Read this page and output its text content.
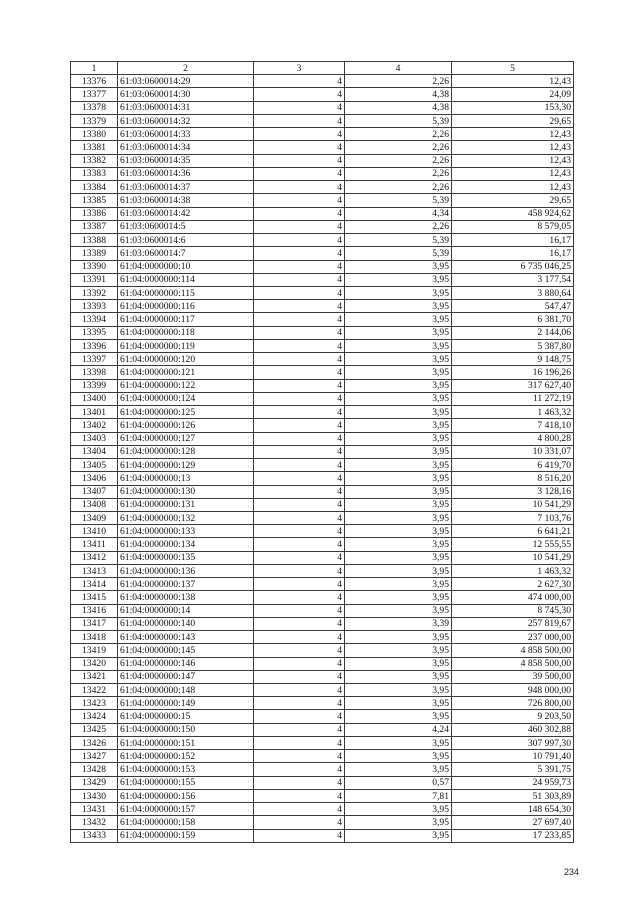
1	2	3	4	5
13376	61:03:0600014:29	4	2,26	12,43
13377	61:03:0600014:30	4	4,38	24,09
13378	61:03:0600014:31	4	4,38	153,30
13379	61:03:0600014:32	4	5,39	29,65
13380	61:03:0600014:33	4	2,26	12,43
13381	61:03:0600014:34	4	2,26	12,43
13382	61:03:0600014:35	4	2,26	12,43
13383	61:03:0600014:36	4	2,26	12,43
13384	61:03:0600014:37	4	2,26	12,43
13385	61:03:0600014:38	4	5,39	29,65
13386	61:03:0600014:42	4	4,34	458 924,62
13387	61:03:0600014:5	4	2,26	8 579,05
13388	61:03:0600014:6	4	5,39	16,17
13389	61:03:0600014:7	4	5,39	16,17
13390	61:04:0000000:10	4	3,95	6 735 046,25
13391	61:04:0000000:114	4	3,95	3 177,54
13392	61:04:0000000:115	4	3,95	3 880,64
13393	61:04:0000000:116	4	3,95	547,47
13394	61:04:0000000:117	4	3,95	6 381,70
13395	61:04:0000000:118	4	3,95	2 144,06
13396	61:04:0000000:119	4	3,95	5 387,80
13397	61:04:0000000:120	4	3,95	9 148,75
13398	61:04:0000000:121	4	3,95	16 196,26
13399	61:04:0000000:122	4	3,95	317 627,40
13400	61:04:0000000:124	4	3,95	11 272,19
13401	61:04:0000000:125	4	3,95	1 463,32
13402	61:04:0000000:126	4	3,95	7 418,10
13403	61:04:0000000:127	4	3,95	4 800,28
13404	61:04:0000000:128	4	3,95	10 331,07
13405	61:04:0000000:129	4	3,95	6 419,70
13406	61:04:0000000:13	4	3,95	8 516,20
13407	61:04:0000000:130	4	3,95	3 128,16
13408	61:04:0000000:131	4	3,95	10 541,29
13409	61:04:0000000:132	4	3,95	7 103,76
13410	61:04:0000000:133	4	3,95	6 641,21
13411	61:04:0000000:134	4	3,95	12 555,55
13412	61:04:0000000:135	4	3,95	10 541,29
13413	61:04:0000000:136	4	3,95	1 463,32
13414	61:04:0000000:137	4	3,95	2 627,30
13415	61:04:0000000:138	4	3,95	474 000,00
13416	61:04:0000000:14	4	3,95	8 745,30
13417	61:04:0000000:140	4	3,39	257 819,67
13418	61:04:0000000:143	4	3,95	237 000,00
13419	61:04:0000000:145	4	3,95	4 858 500,00
13420	61:04:0000000:146	4	3,95	4 858 500,00
13421	61:04:0000000:147	4	3,95	39 500,00
13422	61:04:0000000:148	4	3,95	948 000,00
13423	61:04:0000000:149	4	3,95	726 800,00
13424	61:04:0000000:15	4	3,95	9 203,50
13425	61:04:0000000:150	4	4,24	460 302,88
13426	61:04:0000000:151	4	3,95	307 997,30
13427	61:04:0000000:152	4	3,95	10 791,40
13428	61:04:0000000:153	4	3,95	5 391,75
13429	61:04:0000000:155	4	0,57	24 959,73
13430	61:04:0000000:156	4	7,81	51 303,89
13431	61:04:0000000:157	4	3,95	148 654,30
13432	61:04:0000000:158	4	3,95	27 697,40
13433	61:04:0000000:159	4	3,95	17 233,85
234
